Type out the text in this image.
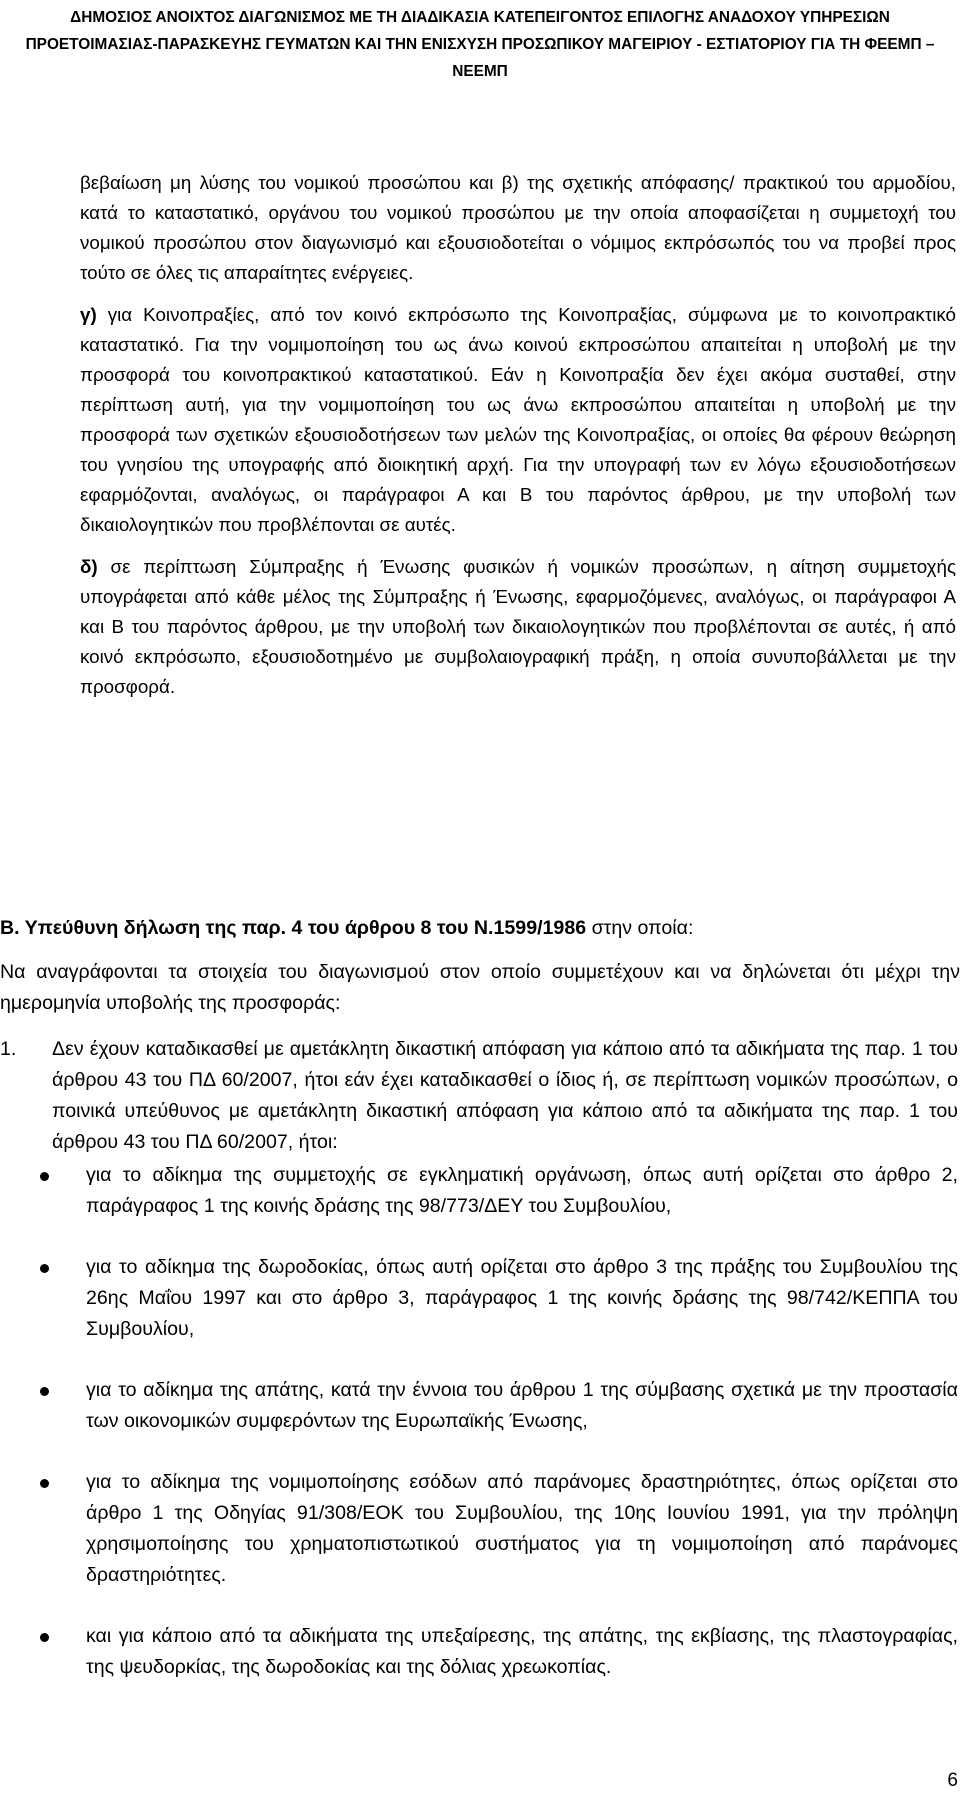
ΔΗΜΟΣΙΟΣ ΑΝΟΙΧΤΟΣ ΔΙΑΓΩΝΙΣΜΟΣ ΜΕ ΤΗ ΔΙΑΔΙΚΑΣΙΑ ΚΑΤΕΠΕΙΓΟΝΤΟΣ ΕΠΙΛΟΓΗΣ ΑΝΑΔΟΧΟΥ ΥΠΗΡΕΣΙΩΝ
ΠΡΟΕΤΟΙΜΑΣΙΑΣ-ΠΑΡΑΣΚΕΥΗΣ ΓΕΥΜΑΤΩΝ ΚΑΙ ΤΗΝ ΕΝΙΣΧΥΣΗ ΠΡΟΣΩΠΙΚΟΥ ΜΑΓΕΙΡΙΟΥ - ΕΣΤΙΑΤΟΡΙΟΥ ΓΙΑ ΤΗ ΦΕΕΜΠ –
ΝΕΕΜΠ

βεβαίωση μη λύσης του νομικού προσώπου και β) της σχετικής απόφασης/ πρακτικού του αρμοδίου, κατά το καταστατικό, οργάνου του νομικού προσώπου με την οποία αποφασίζεται η συμμετοχή του νομικού προσώπου στον διαγωνισμό και εξουσιοδοτείται ο νόμιμος εκπρόσωπός του να προβεί προς τούτο σε όλες τις απαραίτητες ενέργειες.

γ) για Κοινοπραξίες, από τον κοινό εκπρόσωπο της Κοινοπραξίας, σύμφωνα με το κοινοπρακτικό καταστατικό. Για την νομιμοποίηση του ως άνω κοινού εκπροσώπου απαιτείται η υποβολή με την προσφορά του κοινοπρακτικού καταστατικού. Εάν η Κοινοπραξία δεν έχει ακόμα συσταθεί, στην περίπτωση αυτή, για την νομιμοποίηση του ως άνω εκπροσώπου απαιτείται η υποβολή με την προσφορά των σχετικών εξουσιοδοτήσεων των μελών της Κοινοπραξίας, οι οποίες θα φέρουν θεώρηση του γνησίου της υπογραφής από διοικητική αρχή. Για την υπογραφή των εν λόγω εξουσιοδοτήσεων εφαρμόζονται, αναλόγως, οι παράγραφοι Α και Β του παρόντος άρθρου, με την υποβολή των δικαιολογητικών που προβλέπονται σε αυτές.

δ) σε περίπτωση Σύμπραξης ή Ένωσης φυσικών ή νομικών προσώπων, η αίτηση συμμετοχής υπογράφεται από κάθε μέλος της Σύμπραξης ή Ένωσης, εφαρμοζόμενες, αναλόγως, οι παράγραφοι Α και Β του παρόντος άρθρου, με την υποβολή των δικαιολογητικών που προβλέπονται σε αυτές, ή από κοινό εκπρόσωπο, εξουσιοδοτημένο με συμβολαιογραφική πράξη, η οποία συνυποβάλλεται με την προσφορά.

Β. Υπεύθυνη δήλωση της παρ. 4 του άρθρου 8 του Ν.1599/1986 στην οποία:

Να αναγράφονται τα στοιχεία του διαγωνισμού στον οποίο συμμετέχουν και να δηλώνεται ότι μέχρι την ημερομηνία υποβολής της προσφοράς:

1. Δεν έχουν καταδικασθεί με αμετάκλητη δικαστική απόφαση για κάποιο από τα αδικήματα της παρ. 1 του άρθρου 43 του ΠΔ 60/2007, ήτοι εάν έχει καταδικασθεί ο ίδιος ή, σε περίπτωση νομικών προσώπων, ο ποινικά υπεύθυνος με αμετάκλητη δικαστική απόφαση για κάποιο από τα αδικήματα της παρ. 1 του άρθρου 43 του ΠΔ 60/2007, ήτοι:
για το αδίκημα της συμμετοχής σε εγκληματική οργάνωση, όπως αυτή ορίζεται στο άρθρο 2, παράγραφος 1 της κοινής δράσης της 98/773/ΔΕΥ του Συμβουλίου,
για το αδίκημα της δωροδοκίας, όπως αυτή ορίζεται στο άρθρο 3 της πράξης του Συμβουλίου της 26ης Μαΐου 1997 και στο άρθρο 3, παράγραφος 1 της κοινής δράσης της 98/742/ΚΕΠΠΑ του Συμβουλίου,
για το αδίκημα της απάτης, κατά την έννοια του άρθρου 1 της σύμβασης σχετικά με την προστασία των οικονομικών συμφερόντων της Ευρωπαϊκής Ένωσης,
για το αδίκημα της νομιμοποίησης εσόδων από παράνομες δραστηριότητες, όπως ορίζεται στο άρθρο 1 της Οδηγίας 91/308/ΕΟΚ του Συμβουλίου, της 10ης Ιουνίου 1991, για την πρόληψη χρησιμοποίησης του χρηματοπιστωτικού συστήματος για τη νομιμοποίηση από παράνομες δραστηριότητες.
και για κάποιο από τα αδικήματα της υπεξαίρεσης, της απάτης, της εκβίασης, της πλαστογραφίας, της ψευδορκίας, της δωροδοκίας και της δόλιας χρεωκοπίας.
6
